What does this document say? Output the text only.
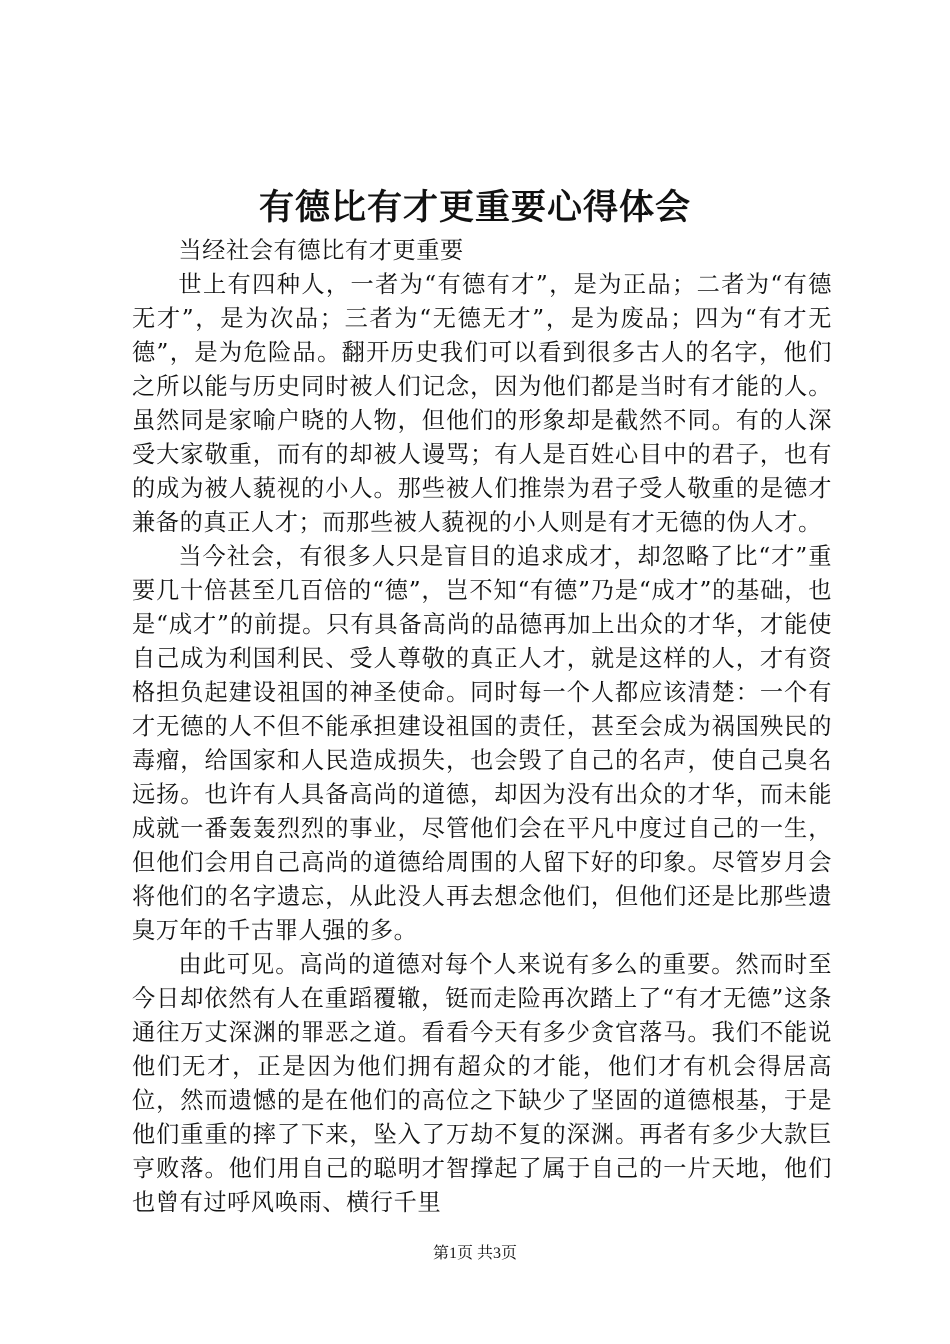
有德比有才更重要心得体会

当经社会有德比有才更重要

世上有四种人，一者为“有德有才”，是为正品；二者为“有德无才”，是为次品；三者为“无德无才”，是为废品；四为“有才无德”，是为危险品。翻开历史我们可以看到很多古人的名字，他们之所以能与历史同时被人们记念，因为他们都是当时有才能的人。虽然同是家喻户晓的人物，但他们的形象却是截然不同。有的人深受大家敬重，而有的却被人谩骂；有人是百姓心目中的君子，也有的成为被人藐视的小人。那些被人们推崇为君子受人敬重的是德才兼备的真正人才；而那些被人藐视的小人则是有才无德的伪人才。

当今社会，有很多人只是盲目的追求成才，却忽略了比“才”重要几十倍甚至几百倍的“德”，岂不知“有德”乃是“成才”的基础，也是“成才”的前提。只有具备高尚的品德再加上出众的才华，才能使自己成为利国利民、受人尊敬的真正人才，就是这样的人，才有资格担负起建设祖国的神圣使命。同时每一个人都应该清楚：一个有才无德的人不但不能承担建设祖国的责任，甚至会成为祸国殃民的毒瘤，给国家和人民造成损失，也会毁了自己的名声，使自己臭名远扬。也许有人具备高尚的道德，却因为没有出众的才华，而未能成就一番轰轰烈烈的事业，尽管他们会在平凡中度过自己的一生，但他们会用自己高尚的道德给周围的人留下好的印象。尽管岁月会将他们的名字遗忘，从此没人再去想念他们，但他们还是比那些遗臭万年的千古罪人强的多。

由此可见。高尚的道德对每个人来说有多么的重要。然而时至今日却依然有人在重蹈覆辙，铤而走险再次踏上了“有才无德”这条通往万丈深渊的罪恶之道。看看今天有多少贪官落马。我们不能说他们无才，正是因为他们拥有超众的才能，他们才有机会得居高位，然而遗憾的是在他们的高位之下缺少了坚固的道德根基，于是他们重重的摔了下来，坠入了万劫不复的深渊。再者有多少大款巨亨败落。他们用自己的聪明才智撑起了属于自己的一片天地，他们也曾有过呼风唤雨、横行千里

第1页 共3页
